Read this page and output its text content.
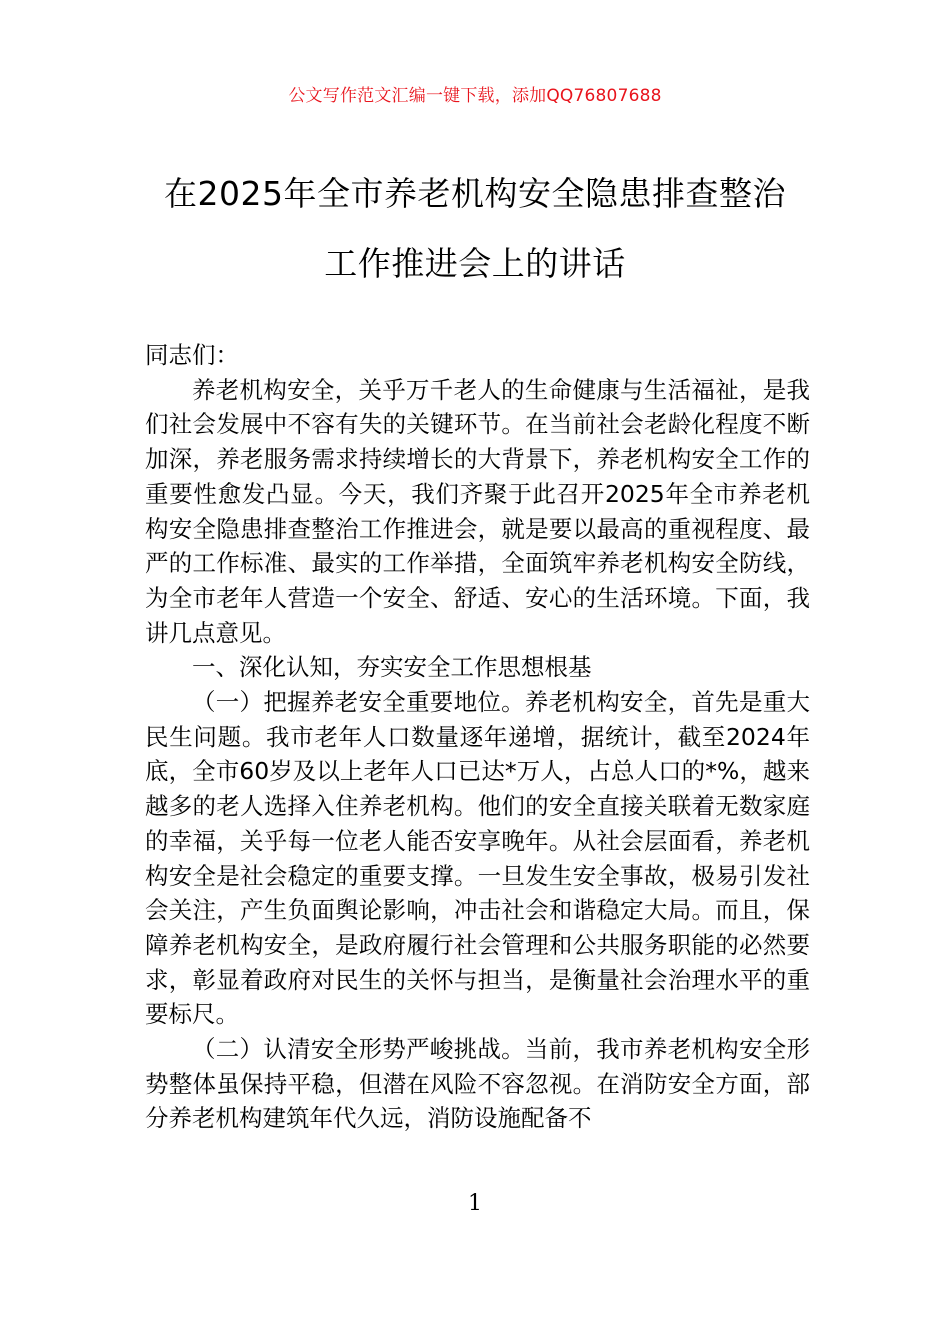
公文写作范文汇编一键下载，添加QQ76807688
在2025年全市养老机构安全隐患排查整治
工作推进会上的讲话

同志们：

养老机构安全，关乎万千老人的生命健康与生活福祉，是我们社会发展中不容有失的关键环节。在当前社会老龄化程度不断加深，养老服务需求持续增长的大背景下，养老机构安全工作的重要性愈发凸显。今天，我们齐聚于此召开2025年全市养老机构安全隐患排查整治工作推进会，就是要以最高的重视程度、最严的工作标准、最实的工作举措，全面筑牢养老机构安全防线，为全市老年人营造一个安全、舒适、安心的生活环境。下面，我讲几点意见。

一、深化认知，夯实安全工作思想根基

（一）把握养老安全重要地位。养老机构安全，首先是重大民生问题。我市老年人口数量逐年递增，据统计，截至2024年底，全市60岁及以上老年人口已达*万人，占总人口的*%，越来越多的老人选择入住养老机构。他们的安全直接关联着无数家庭的幸福，关乎每一位老人能否安享晚年。从社会层面看，养老机构安全是社会稳定的重要支撑。一旦发生安全事故，极易引发社会关注，产生负面舆论影响，冲击社会和谐稳定大局。而且，保障养老机构安全，是政府履行社会管理和公共服务职能的必然要求，彰显着政府对民生的关怀与担当，是衡量社会治理水平的重要标尺。

（二）认清安全形势严峻挑战。当前，我市养老机构安全形势整体虽保持平稳，但潜在风险不容忽视。在消防安全方面，部分养老机构建筑年代久远，消防设施配备不

1
